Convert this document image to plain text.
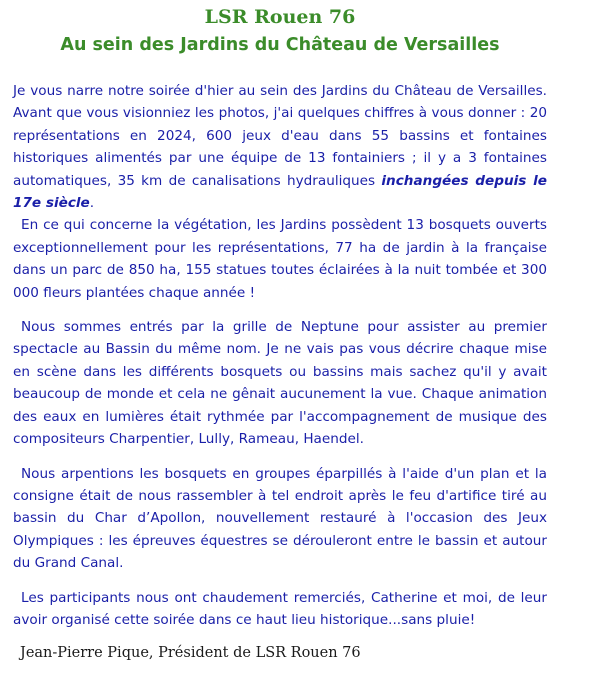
LSR Rouen 76
Au sein des Jardins du Château de Versailles

Je vous narre notre soirée d'hier au sein des Jardins du Château de Versailles. Avant que vous visionniez les photos, j'ai quelques chiffres à vous donner : 20 représentations en 2024, 600 jeux d'eau dans 55 bassins et fontaines historiques alimentés par une équipe de 13 fontainiers ; il y a 3 fontaines automatiques, 35 km de canalisations hydrauliques inchangées depuis le 17e siècle.

En ce qui concerne la végétation, les Jardins possèdent 13 bosquets ouverts exceptionnellement pour les représentations, 77 ha de jardin à la française dans un parc de 850 ha, 155 statues toutes éclairées à la nuit tombée et 300 000 fleurs plantées chaque année !

Nous sommes entrés par la grille de Neptune pour assister au premier spectacle au Bassin du même nom. Je ne vais pas vous décrire chaque mise en scène dans les différents bosquets ou bassins mais sachez qu'il y avait beaucoup de monde et cela ne gênait aucunement la vue. Chaque animation des eaux en lumières était rythmée par l'accompagnement de musique des compositeurs Charpentier, Lully, Rameau, Haendel.

Nous arpentions les bosquets en groupes éparpillés à l'aide d'un plan et la consigne était de nous rassembler à tel endroit après le feu d'artifice tiré au bassin du Char d’Apollon, nouvellement restauré à l'occasion des Jeux Olympiques : les épreuves équestres se dérouleront entre le bassin et autour du Grand Canal.

Les participants nous ont chaudement remerciés, Catherine et moi, de leur avoir organisé cette soirée dans ce haut lieu historique...sans pluie!

Jean-Pierre Pique, Président de LSR Rouen 76
